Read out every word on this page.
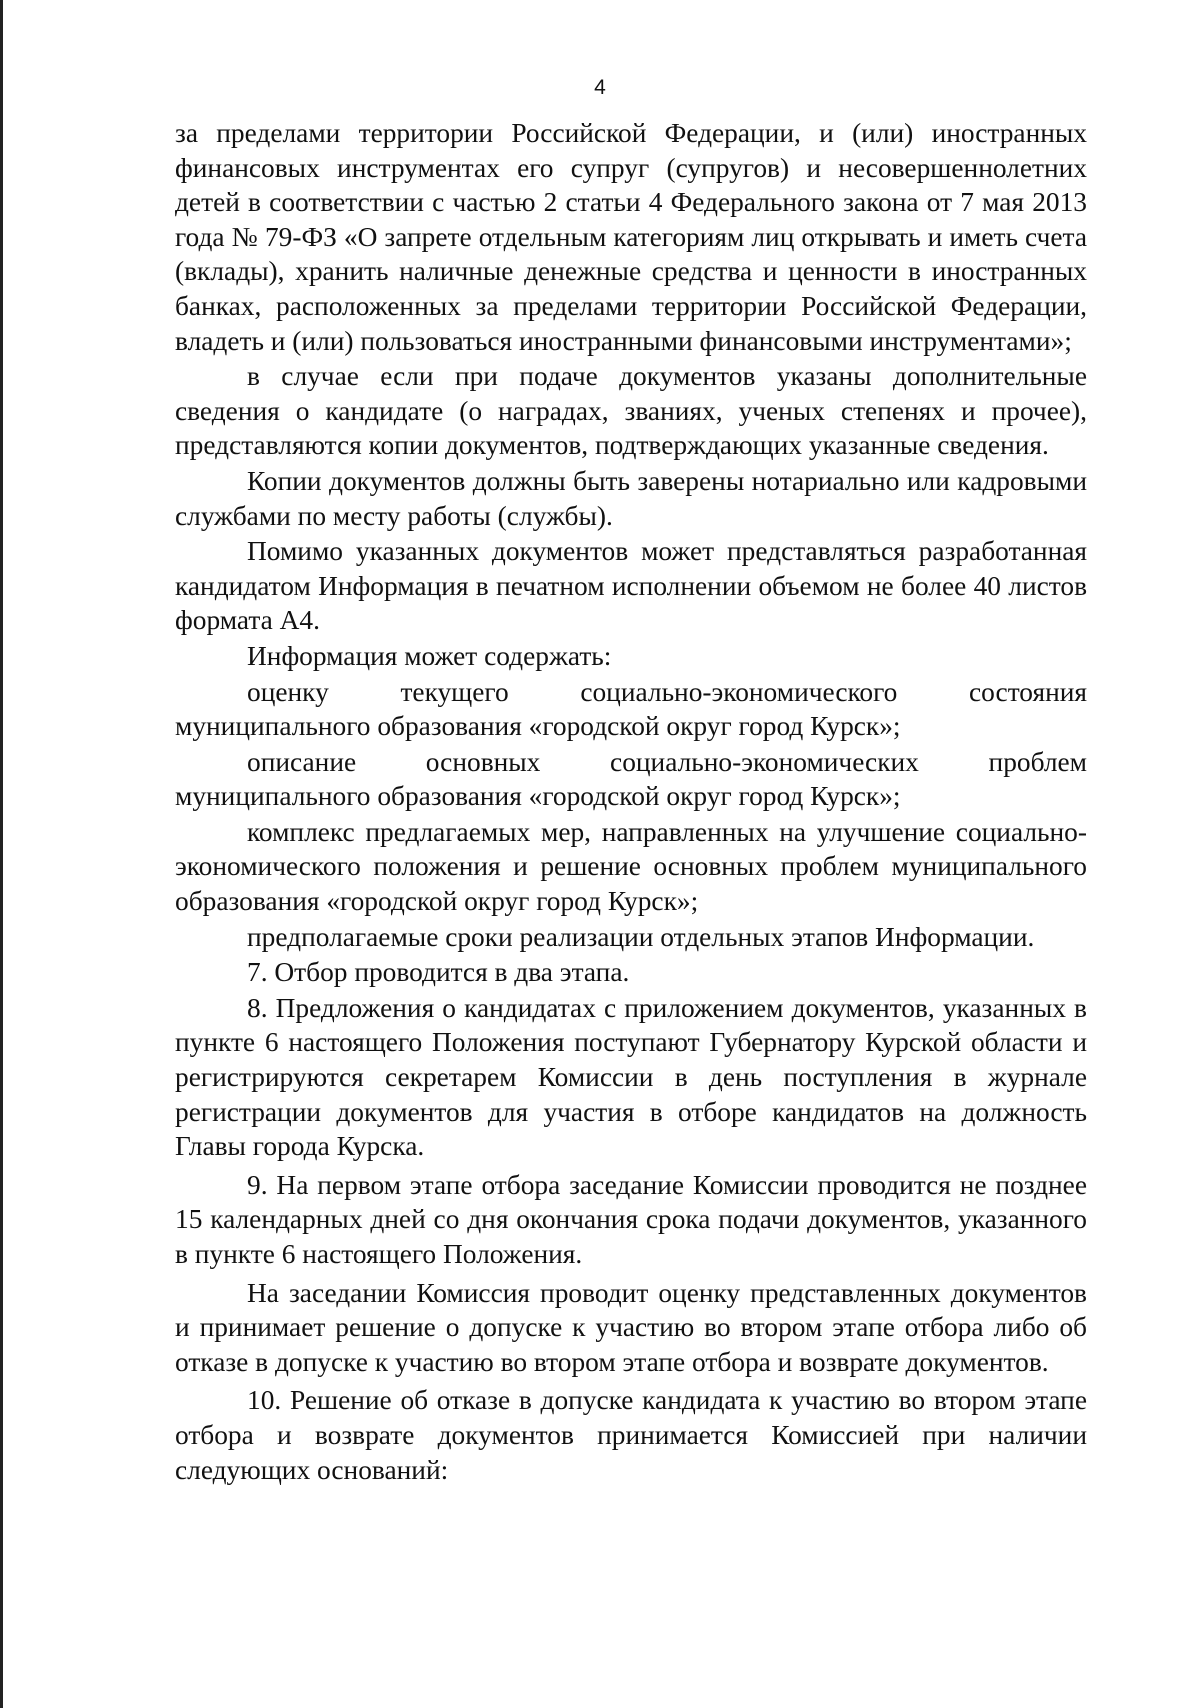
4

за пределами территории Российской Федерации, и (или) иностранных финансовых инструментах его супруг (супругов) и несовершеннолетних детей в соответствии с частью 2 статьи 4 Федерального закона от 7 мая 2013 года № 79-ФЗ «О запрете отдельным категориям лиц открывать и иметь счета (вклады), хранить наличные денежные средства и ценности в иностранных банках, расположенных за пределами территории Российской Федерации, владеть и (или) пользоваться иностранными финансовыми инструментами»;

в случае если при подаче документов указаны дополнительные сведения о кандидате (о наградах, званиях, ученых степенях и прочее), представляются копии документов, подтверждающих указанные сведения.

Копии документов должны быть заверены нотариально или кадровыми службами по месту работы (службы).

Помимо указанных документов может представляться разработанная кандидатом Информация в печатном исполнении объемом не более 40 листов формата А4.

Информация может содержать:

оценку текущего социально-экономического состояния муниципального образования «городской округ город Курск»;

описание основных социально-экономических проблем муниципального образования «городской округ город Курск»;

комплекс предлагаемых мер, направленных на улучшение социально-экономического положения и решение основных проблем муниципального образования «городской округ город Курск»;

предполагаемые сроки реализации отдельных этапов Информации.

7. Отбор проводится в два этапа.

8. Предложения о кандидатах с приложением документов, указанных в пункте 6 настоящего Положения поступают Губернатору Курской области и регистрируются секретарем Комиссии в день поступления в журнале регистрации документов для участия в отборе кандидатов на должность Главы города Курска.

9. На первом этапе отбора заседание Комиссии проводится не позднее 15 календарных дней со дня окончания срока подачи документов, указанного в пункте 6 настоящего Положения.

На заседании Комиссия проводит оценку представленных документов и принимает решение о допуске к участию во втором этапе отбора либо об отказе в допуске к участию во втором этапе отбора и возврате документов.

10. Решение об отказе в допуске кандидата к участию во втором этапе отбора и возврате документов принимается Комиссией при наличии следующих оснований:
